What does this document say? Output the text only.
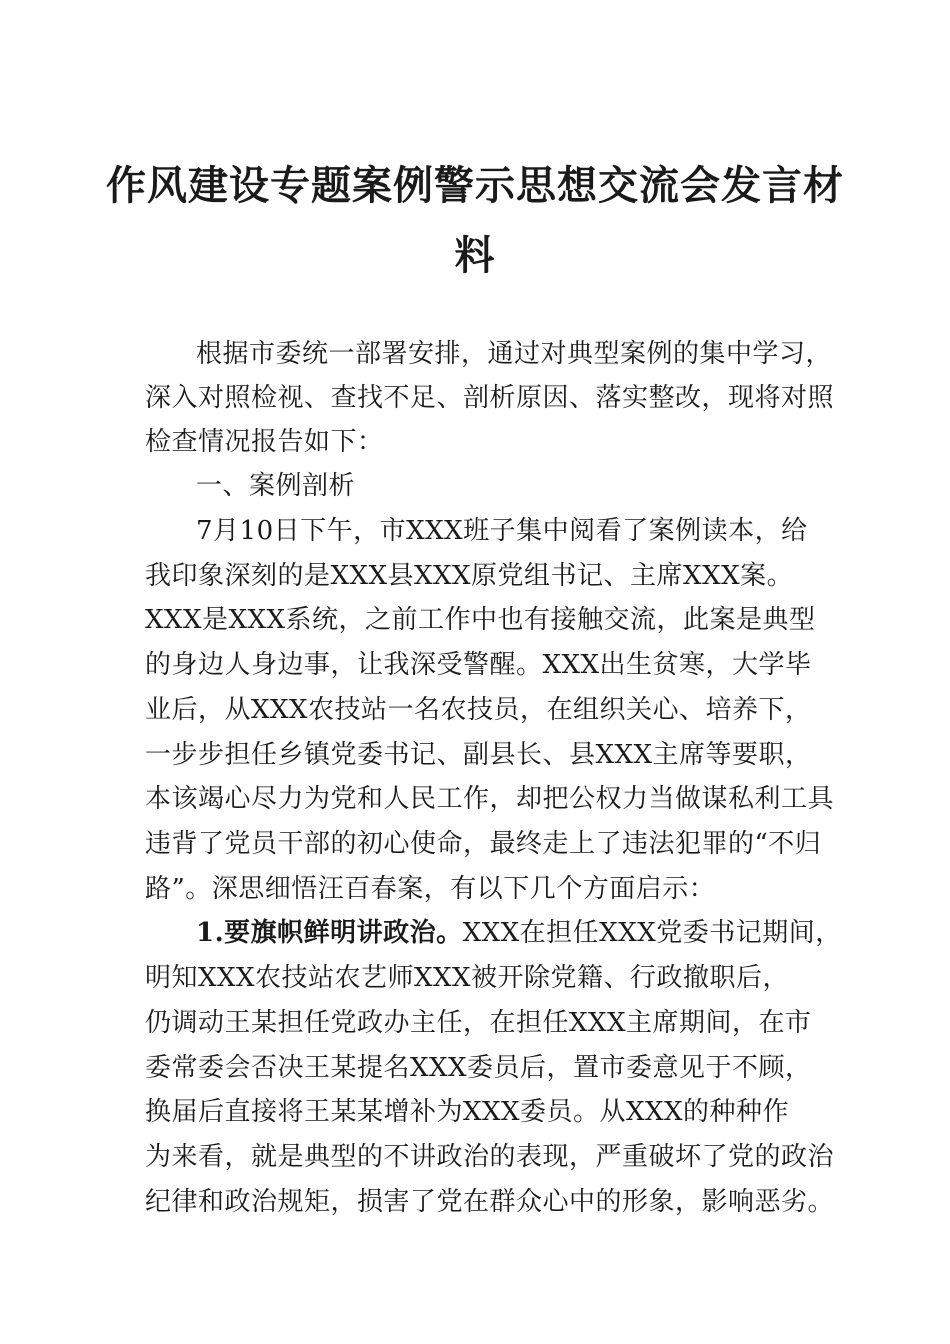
作风建设专题案例警示思想交流会发言材
料
根据市委统一部署安排，通过对典型案例的集中学习，
深入对照检视、查找不足、剖析原因、落实整改，现将对照
检查情况报告如下：
一、案例剖析
7月10日下午，市XXX班子集中阅看了案例读本，给
我印象深刻的是XXX县XXX原党组书记、主席XXX案。
XXX是XXX系统，之前工作中也有接触交流，此案是典型
的身边人身边事，让我深受警醒。XXX出生贫寒，大学毕
业后，从XXX农技站一名农技员，在组织关心、培养下，
一步步担任乡镇党委书记、副县长、县XXX主席等要职，
本该竭心尽力为党和人民工作，却把公权力当做谋私利工具
违背了党员干部的初心使命，最终走上了违法犯罪的“不归
路”。深思细悟汪百春案，有以下几个方面启示：
1.要旗帜鲜明讲政治。XXX在担任XXX党委书记期间，
明知XXX农技站农艺师XXX被开除党籍、行政撤职后，
仍调动王某担任党政办主任，在担任XXX主席期间，在市
委常委会否决王某提名XXX委员后，置市委意见于不顾，
换届后直接将王某某增补为XXX委员。从XXX的种种作
为来看，就是典型的不讲政治的表现，严重破坏了党的政治
纪律和政治规矩，损害了党在群众心中的形象，影响恶劣。
